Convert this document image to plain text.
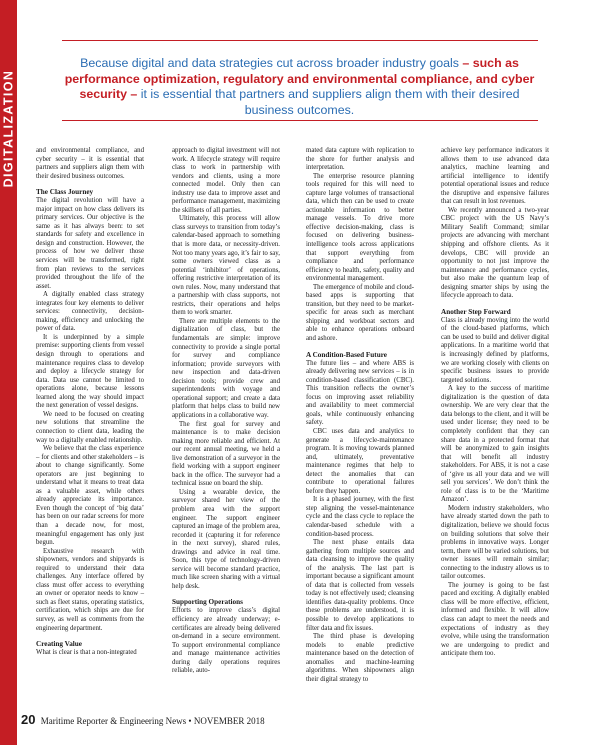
DIGITALIZATION
Because digital and data strategies cut across broader industry goals – such as performance optimization, regulatory and environmental compliance, and cyber security – it is essential that partners and suppliers align them with their desired business outcomes.

and environmental compliance, and cyber security – it is essential that partners and suppliers align them with their desired business outcomes.

The Class Journey

The digital revolution will have a major impact on how class delivers its primary services. Our objective is the same as it has always been: to set standards for safety and excellence in design and construction. However, the process of how we deliver those services will be transformed, right from plan reviews to the services provided throughout the life of the asset.

A digitally enabled class strategy integrates four key elements to deliver services: connectivity, decision-making, efficiency and unlocking the power of data.

It is underpinned by a simple premise: supporting clients from vessel design through to operations and maintenance requires class to develop and deploy a lifecycle strategy for data. Data use cannot be limited to operations alone, because lessons learned along the way should impact the next generation of vessel designs.

We need to be focused on creating new solutions that streamline the connection to client data, leading the way to a digitally enabled relationship.

We believe that the class experience – for clients and other stakeholders – is about to change significantly. Some operators are just beginning to understand what it means to treat data as a valuable asset, while others already appreciate its importance. Even though the concept of ‘big data’ has been on our radar screens for more than a decade now, for most, meaningful engagement has only just begun.

Exhaustive research with shipowners, vendors and shipyards is required to understand their data challenges. Any interface offered by class must offer access to everything an owner or operator needs to know – such as fleet status, operating statistics, certification, which ships are due for survey, as well as comments from the engineering department.

Creating Value

What is clear is that a non-integrated

approach to digital investment will not work. A lifecycle strategy will require class to work in partnership with vendors and clients, using a more connected model. Only then can industry use data to improve asset and performance management, maximizing the skillsets of all parties.

Ultimately, this process will allow class surveys to transition from today’s calendar-based approach to something that is more data, or necessity-driven. Not too many years ago, it’s fair to say, some owners viewed class as a potential ‘inhibitor’ of operations, offering restrictive interpretation of its own rules. Now, many understand that a partnership with class supports, not restricts, their operations and helps them to work smarter.

There are multiple elements to the digitalization of class, but the fundamentals are simple: improve connectivity to provide a single portal for survey and compliance information; provide surveyors with new inspection and data-driven decision tools; provide crew and superintendents with voyage and operational support; and create a data platform that helps class to build new applications in a collaborative way.

The first goal for survey and maintenance is to make decision making more reliable and efficient. At our recent annual meeting, we held a live demonstration of a surveyor in the field working with a support engineer back in the office. The surveyor had a technical issue on board the ship.

Using a wearable device, the surveyor shared her view of the problem area with the support engineer. The support engineer captured an image of the problem area, recorded it (capturing it for reference in the next survey), shared rules, drawings and advice in real time. Soon, this type of technology-driven service will become standard practice, much like screen sharing with a virtual help desk.

Supporting Operations

Efforts to improve class’s digital efficiency are already underway; e-certificates are already being delivered on-demand in a secure environment. To support environmental compliance and manage maintenance activities during daily operations requires reliable, auto-

mated data capture with replication to the shore for further analysis and interpretation.

The enterprise resource planning tools required for this will need to capture large volumes of transactional data, which then can be used to create actionable information to better manage vessels. To drive more effective decision-making, class is focused on delivering business-intelligence tools across applications that support everything from compliance and performance efficiency to health, safety, quality and environmental management.

The emergence of mobile and cloud-based apps is supporting that transition, but they need to be market-specific for areas such as merchant shipping and workboat sectors and able to enhance operations onboard and ashore.

A Condition-Based Future

The future lies – and where ABS is already delivering new services – is in condition-based classification (CBC). This transition reflects the owner’s focus on improving asset reliability and availability to meet commercial goals, while continuously enhancing safety.

CBC uses data and analytics to generate a lifecycle-maintenance program. It is moving towards planned and, ultimately, preventative maintenance regimes that help to detect the anomalies that can contribute to operational failures before they happen.

It is a phased journey, with the first step aligning the vessel-maintenance cycle and the class cycle to replace the calendar-based schedule with a condition-based process.

The next phase entails data gathering from multiple sources and data cleansing to improve the quality of the analysis. The last part is important because a significant amount of data that is collected from vessels today is not effectively used; cleansing identifies data-quality problems. Once these problems are understood, it is possible to develop applications to filter data and fix issues.

The third phase is developing models to enable predictive maintenance based on the detection of anomalies and machine-learning algorithms. When shipowners align their digital strategy to

achieve key performance indicators it allows them to use advanced data analytics, machine learning and artificial intelligence to identify potential operational issues and reduce the disruptive and expensive failures that can result in lost revenues.

We recently announced a two-year CBC project with the US Navy’s Military Sealift Command; similar projects are advancing with merchant shipping and offshore clients. As it develops, CBC will provide an opportunity to not just improve the maintenance and performance cycles, but also make the quantum leap of designing smarter ships by using the lifecycle approach to data.

Another Step Forward

Class is already moving into the world of the cloud-based platforms, which can be used to build and deliver digital applications. In a maritime world that is increasingly defined by platforms, we are working closely with clients on specific business issues to provide targeted solutions.

A key to the success of maritime digitalization is the question of data ownership. We are very clear that the data belongs to the client, and it will be used under license; they need to be completely confident that they can share data in a protected format that will be anonymized to gain insights that will benefit all industry stakeholders. For ABS, it is not a case of ‘give us all your data and we will sell you services’. We don’t think the role of class is to be the ‘Maritime Amazon’.

Modern industry stakeholders, who have already started down the path to digitalization, believe we should focus on building solutions that solve their problems in innovative ways. Longer term, there will be varied solutions, but owner issues will remain similar; connecting to the industry allows us to tailor outcomes.

The journey is going to be fast paced and exciting. A digitally enabled class will be more effective, efficient, informed and flexible. It will allow class can adapt to meet the needs and expectations of industry as they evolve, while using the transformation we are undergoing to predict and anticipate them too.

20 Maritime Reporter & Engineering News • NOVEMBER 2018
